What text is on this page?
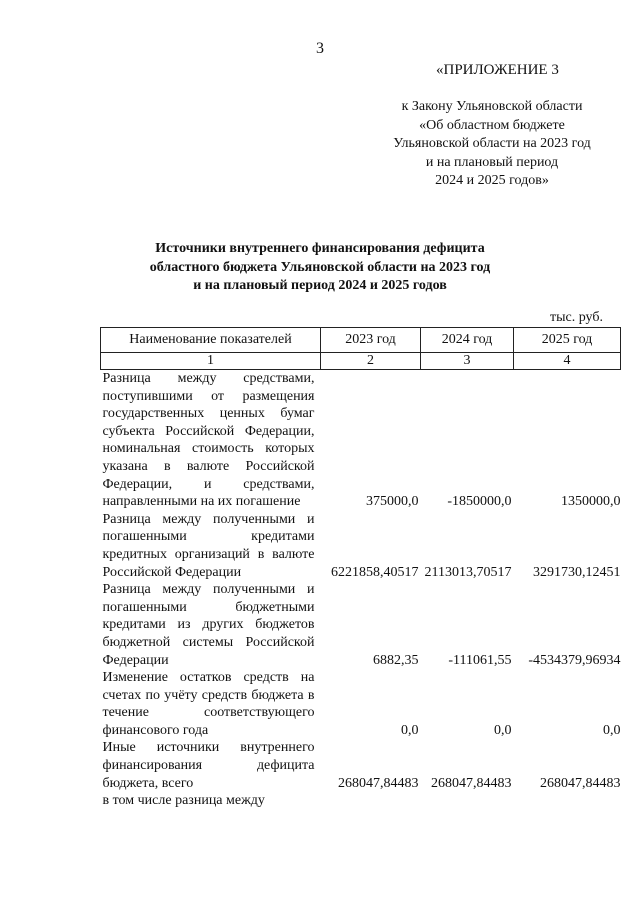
3
«ПРИЛОЖЕНИЕ 3
к Закону Ульяновской области
«Об областном бюджете
Ульяновской области на 2023 год
и на плановый период
2024 и 2025 годов»
Источники внутреннего финансирования дефицита
областного бюджета Ульяновской области на 2023 год
и на плановый период 2024 и 2025 годов
тыс. руб.
Наименование показателей	2023 год	2024 год	2025 год
1	2	3	4
Разница между средствами, поступившими от размещения государственных ценных бумаг субъекта Российской Федерации, номинальная стоимость которых указана в валюте Российской Федерации, и средствами, направленными на их погашение	375000,0	-1850000,0	1350000,0
Разница между полученными и погашенными кредитами кредитных организаций в валюте Российской Федерации	6221858,40517	2113013,70517	3291730,12451
Разница между полученными и погашенными бюджетными кредитами из других бюджетов бюджетной системы Российской Федерации	6882,35	-111061,55	-4534379,96934
Изменение остатков средств на счетах по учёту средств бюджета в течение соответствующего финансового года	0,0	0,0	0,0
Иные источники внутреннего финансирования дефицита бюджета, всего	268047,84483	268047,84483	268047,84483
в том числе разница между			
